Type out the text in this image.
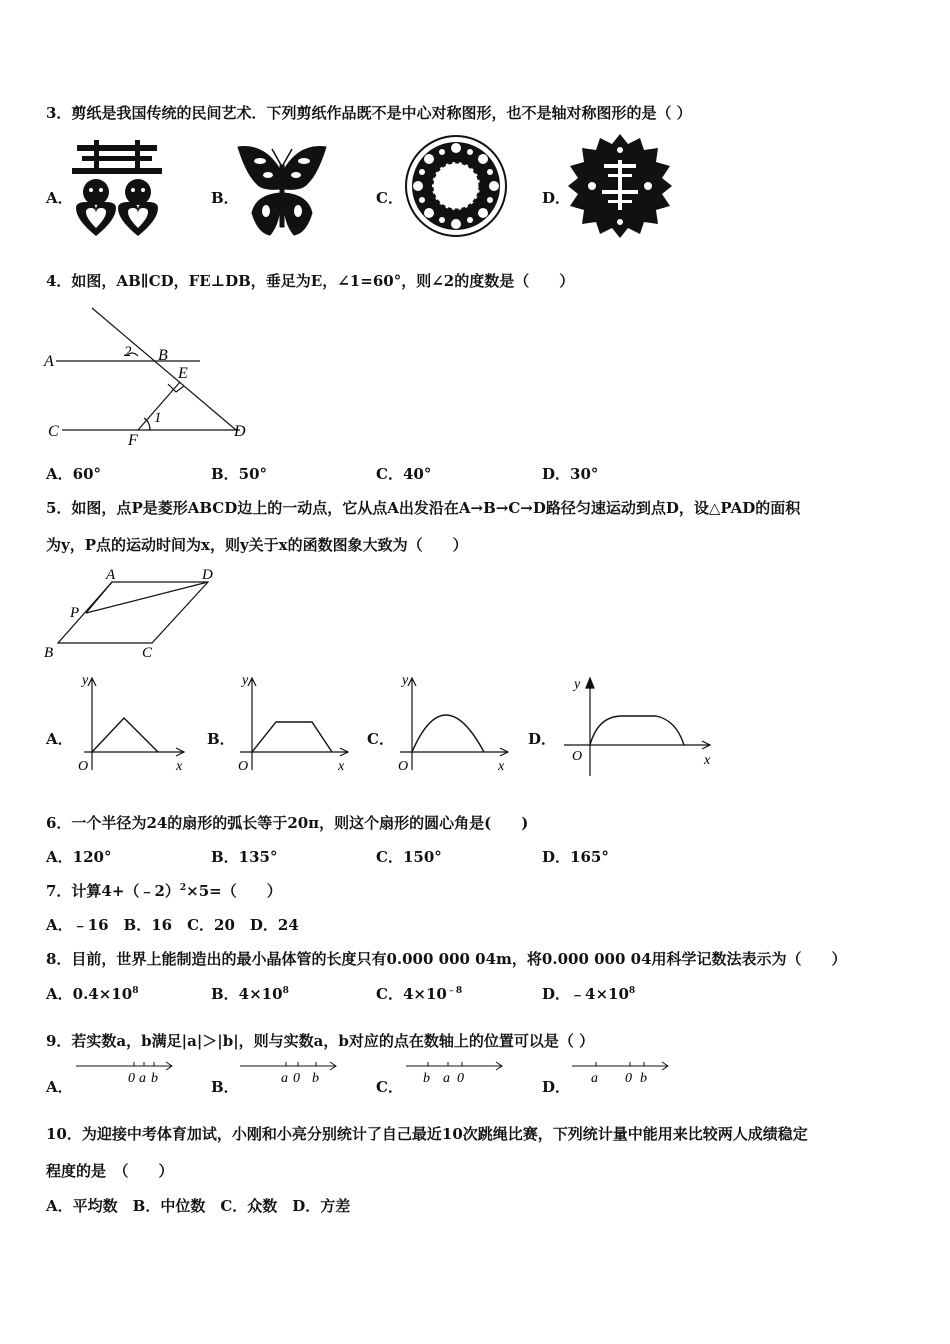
3．剪纸是我国传统的民间艺术．下列剪纸作品既不是中心对称图形，也不是轴对称图形的是（ ）
A．	B．	C．	D．
4．如图，AB∥CD，FE⊥DB，垂足为E，∠1=60°，则∠2的度数是（　　）
A
2 B
E
1
C
F
D
A．60°	B．50°	C．40°	D．30°
5．如图，点P是菱形ABCD边上的一动点，它从点A出发沿在A→B→C→D路径匀速运动到点D，设△PAD的面积
为y，P点的运动时间为x，则y关于x的函数图象大致为（　　）
A	D
P
B	C
A．
y
x
O
B．
y
x
O
C．
y
x
O
D．
y
x
O
6．一个半径为24的扇形的弧长等于20π，则这个扇形的圆心角是(　　)
A．120°	B．135°	C．150°	D．165°
7．计算4+（﹣2）$^2$×5=（　　）
A．﹣16　B．16　C．20　D．24
8．目前，世界上能制造出的最小晶体管的长度只有0.000 000 04m，将0.000 000 04用科学记数法表示为（　　）
A．$0.4\times 10^8$	B．$4\times 10^8$	C．$4\times 10^{﹣8}$	D．$﹣4\times 10^8$
9．若实数a，b满足|a|＞|b|，则与实数a，b对应的点在数轴上的位置可以是（ ）
A．	0 a b	B．	a 0 b	C． b a 0	D． a 0 b
10．为迎接中考体育加试，小刚和小亮分别统计了自己最近10次跳绳比赛，下列统计量中能用来比较两人成绩稳定
程度的是　（　　）
A．平均数　B．中位数　C．众数　D．方差
